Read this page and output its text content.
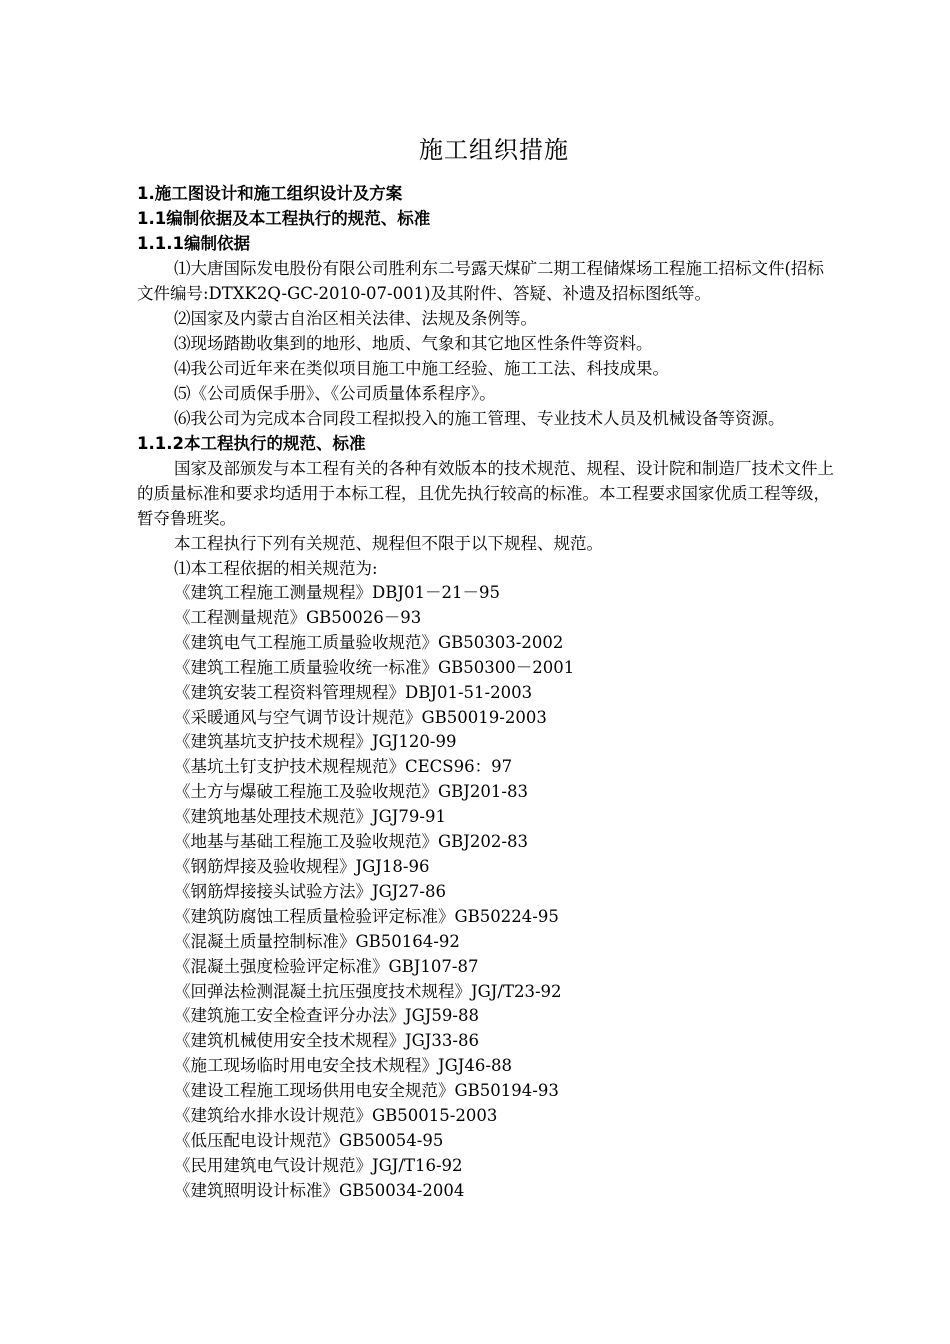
施工组织措施

1.施工图设计和施工组织设计及方案

1.1编制依据及本工程执行的规范、标准

1.1.1编制依据

⑴大唐国际发电股份有限公司胜利东二号露天煤矿二期工程储煤场工程施工招标文件(招标文件编号:DTXK2Q-GC-2010-07-001)及其附件、答疑、补遗及招标图纸等。

⑵国家及内蒙古自治区相关法律、法规及条例等。

⑶现场踏勘收集到的地形、地质、气象和其它地区性条件等资料。

⑷我公司近年来在类似项目施工中施工经验、施工工法、科技成果。

⑸《公司质保手册》、《公司质量体系程序》。

⑹我公司为完成本合同段工程拟投入的施工管理、专业技术人员及机械设备等资源。

1.1.2本工程执行的规范、标准

国家及部颁发与本工程有关的各种有效版本的技术规范、规程、设计院和制造厂技术文件上的质量标准和要求均适用于本标工程，且优先执行较高的标准。本工程要求国家优质工程等级，暂夺鲁班奖。

本工程执行下列有关规范、规程但不限于以下规程、规范。

⑴本工程依据的相关规范为:

《建筑工程施工测量规程》DBJ01－21－95

《工程测量规范》GB50026－93

《建筑电气工程施工质量验收规范》GB50303-2002

《建筑工程施工质量验收统一标准》GB50300－2001

《建筑安装工程资料管理规程》DBJ01-51-2003

《采暖通风与空气调节设计规范》GB50019-2003

《建筑基坑支护技术规程》JGJ120-99

《基坑土钉支护技术规程规范》CECS96：97

《土方与爆破工程施工及验收规范》GBJ201-83

《建筑地基处理技术规范》JGJ79-91

《地基与基础工程施工及验收规范》GBJ202-83

《钢筋焊接及验收规程》JGJ18-96

《钢筋焊接接头试验方法》JGJ27-86

《建筑防腐蚀工程质量检验评定标准》GB50224-95

《混凝土质量控制标准》GB50164-92

《混凝土强度检验评定标准》GBJ107-87

《回弹法检测混凝土抗压强度技术规程》JGJ/T23-92

《建筑施工安全检查评分办法》JGJ59-88

《建筑机械使用安全技术规程》JGJ33-86

《施工现场临时用电安全技术规程》JGJ46-88

《建设工程施工现场供用电安全规范》GB50194-93

《建筑给水排水设计规范》GB50015-2003

《低压配电设计规范》GB50054-95

《民用建筑电气设计规范》JGJ/T16-92

《建筑照明设计标准》GB50034-2004
